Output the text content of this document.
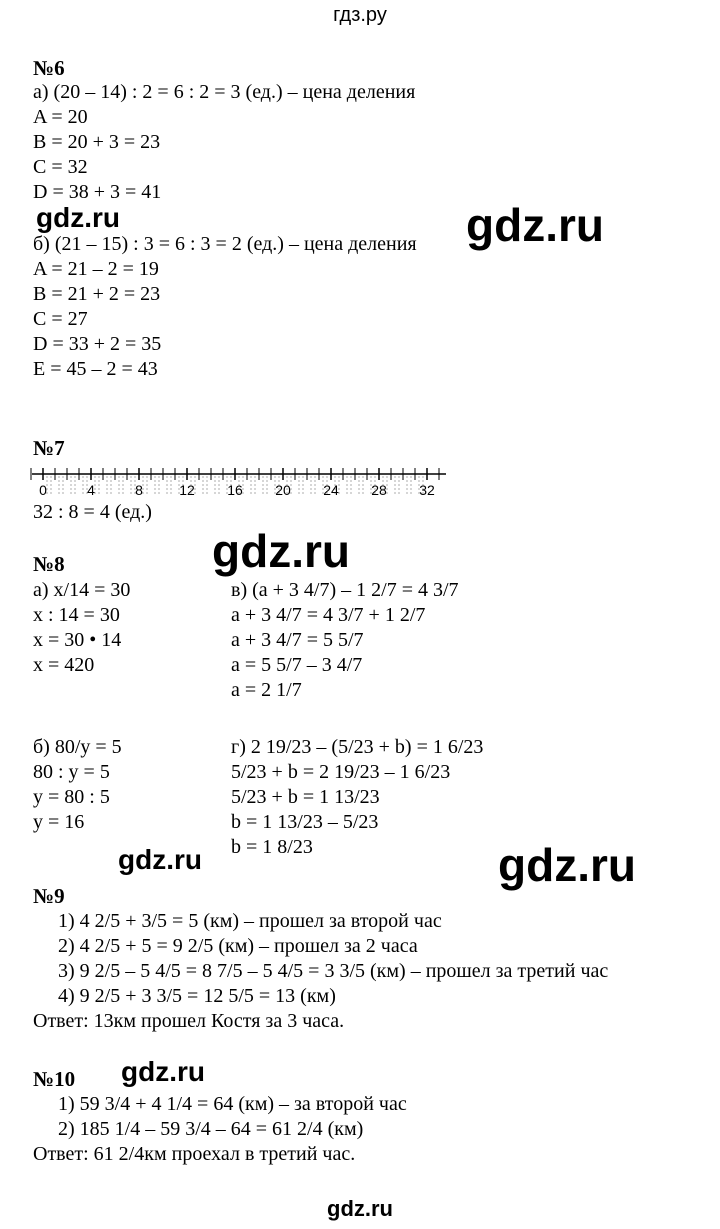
гдз.ру
№6
а) (20 – 14) : 2 = 6 : 2 = 3 (ед.) – цена деления
A = 20
B = 20 + 3 = 23
C = 32
D = 38 + 3 = 41
gdz.ru	gdz.ru
б) (21 – 15) : 3 = 6 : 3 = 2 (ед.) – цена деления
A = 21 – 2 = 19
B = 21 + 2 = 23
C = 27
D = 33 + 2 = 35
E = 45 – 2 = 43
№7
0	4	8	12 16 20 24 28 32
32 : 8 = 4 (ед.)
gdz.ru
№8
а) x/14 = 30
x : 14 = 30
x = 30 • 14
x = 420
в) (a + 3 4/7) – 1 2/7 = 4 3/7
a + 3 4/7 = 4 3/7 + 1 2/7
a + 3 4/7 = 5 5/7
a = 5 5/7 – 3 4/7
a = 2 1/7
б) 80/y = 5
80 : y = 5
y = 80 : 5
y = 16
г) 2 19/23 – (5/23 + b) = 1 6/23
5/23 + b = 2 19/23 – 1 6/23
5/23 + b = 1 13/23
b = 1 13/23 – 5/23
b = 1 8/23
gdz.ru	gdz.ru
№9
1) 4 2/5 + 3/5 = 5 (км) – прошел за второй час
2) 4 2/5 + 5 = 9 2/5 (км) – прошел за 2 часа
3) 9 2/5 – 5 4/5 = 8 7/5 – 5 4/5 = 3 3/5 (км) – прошел за третий час
4) 9 2/5 + 3 3/5 = 12 5/5 = 13 (км)
Ответ: 13км прошел Костя за 3 часа.
№10 gdz.ru
1) 59 3/4 + 4 1/4 = 64 (км) – за второй час
2) 185 1/4 – 59 3/4 – 64 = 61 2/4 (км)
Ответ: 61 2/4км проехал в третий час.
gdz.ru
